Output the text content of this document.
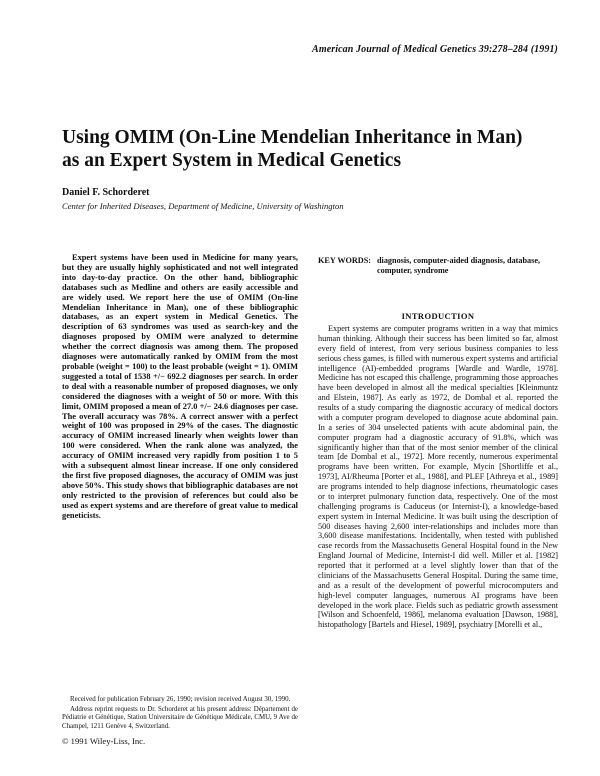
American Journal of Medical Genetics 39:278–284 (1991)
Using OMIM (On-Line Mendelian Inheritance in Man) as an Expert System in Medical Genetics
Daniel F. Schorderet
Center for Inherited Diseases, Department of Medicine, University of Washington

Expert systems have been used in Medicine for many years, but they are usually highly sophisticated and not well integrated into day-to-day practice. On the other hand, bibliographic databases such as Medline and others are easily accessible and are widely used. We report here the use of OMIM (On-line Mendelian Inheritance in Man), one of these bibliographic databases, as an expert system in Medical Genetics. The description of 63 syndromes was used as search-key and the diagnoses proposed by OMIM were analyzed to determine whether the correct diagnosis was among them. The proposed diagnoses were automatically ranked by OMIM from the most probable (weight = 100) to the least probable (weight = 1). OMIM suggested a total of 1538 +/− 692.2 diagnoses per search. In order to deal with a reasonable number of proposed diagnoses, we only considered the diagnoses with a weight of 50 or more. With this limit, OMIM proposed a mean of 27.0 +/− 24.6 diagnoses per case. The overall accuracy was 78%. A correct answer with a perfect weight of 100 was proposed in 29% of the cases. The diagnostic accuracy of OMIM increased linearly when weights lower than 100 were considered. When the rank alone was analyzed, the accuracy of OMIM increased very rapidly from position 1 to 5 with a subsequent almost linear increase. If one only considered the first five proposed diagnoses, the accuracy of OMIM was just above 50%. This study shows that bibliographic databases are not only restricted to the provision of references but could also be used as expert systems and are therefore of great value to medical geneticists.

KEY WORDS: diagnosis, computer-aided diagnosis, database, computer, syndrome
INTRODUCTION

Expert systems are computer programs written in a way that mimics human thinking. Although their success has been limited so far, almost every field of interest, from very serious business companies to less serious chess games, is filled with numerous expert systems and artificial intelligence (AI)-embedded programs [Wardle and Wardle, 1978]. Medicine has not escaped this challenge, programming those approaches have been developed in almost all the medical specialties [Kleinmuntz and Elstein, 1987]. As early as 1972, de Dombal et al. reported the results of a study comparing the diagnostic accuracy of medical doctors with a computer program developed to diagnose acute abdominal pain. In a series of 304 unselected patients with acute abdominal pain, the computer program had a diagnostic accuracy of 91.8%, which was significantly higher than that of the most senior member of the clinical team [de Dombal et al., 1972]. More recently, numerous experimental programs have been written. For example, Mycin [Shortliffe et al., 1973], AI/Rheuma [Porter et al., 1988], and PLEF [Athreya et al., 1989] are programs intended to help diagnose infections, rheumatologic cases or to interpret pulmonary function data, respectively. One of the most challenging programs is Caduceus (or Internist-I), a knowledge-based expert system in Internal Medicine. It was built using the description of 500 diseases having 2,600 inter-relationships and includes more than 3,600 disease manifestations. Incidentally, when tested with published case records from the Massachusetts General Hospital found in the New England Journal of Medicine, Internist-I did well. Miller et al. [1982] reported that it performed at a level slightly lower than that of the clinicians of the Massachusetts General Hospital. During the same time, and as a result of the development of powerful microcomputers and high-level computer languages, numerous AI programs have been developed in the work place. Fields such as pediatric growth assessment [Wilson and Schoenfeld, 1986], melanoma evaluation [Dawson, 1988], histopathology [Bartels and Hiesel, 1989], psychiatry [Morelli et al.,

Received for publication February 26, 1990; revision received August 30, 1990.

Address reprint requests to Dr. Schorderet at his present address: Département de Pédiatrie et Génétique, Station Universitaire de Génétique Médicale, CMU, 9 Ave de Champel, 1211 Genève 4, Switzerland.

© 1991 Wiley-Liss, Inc.
